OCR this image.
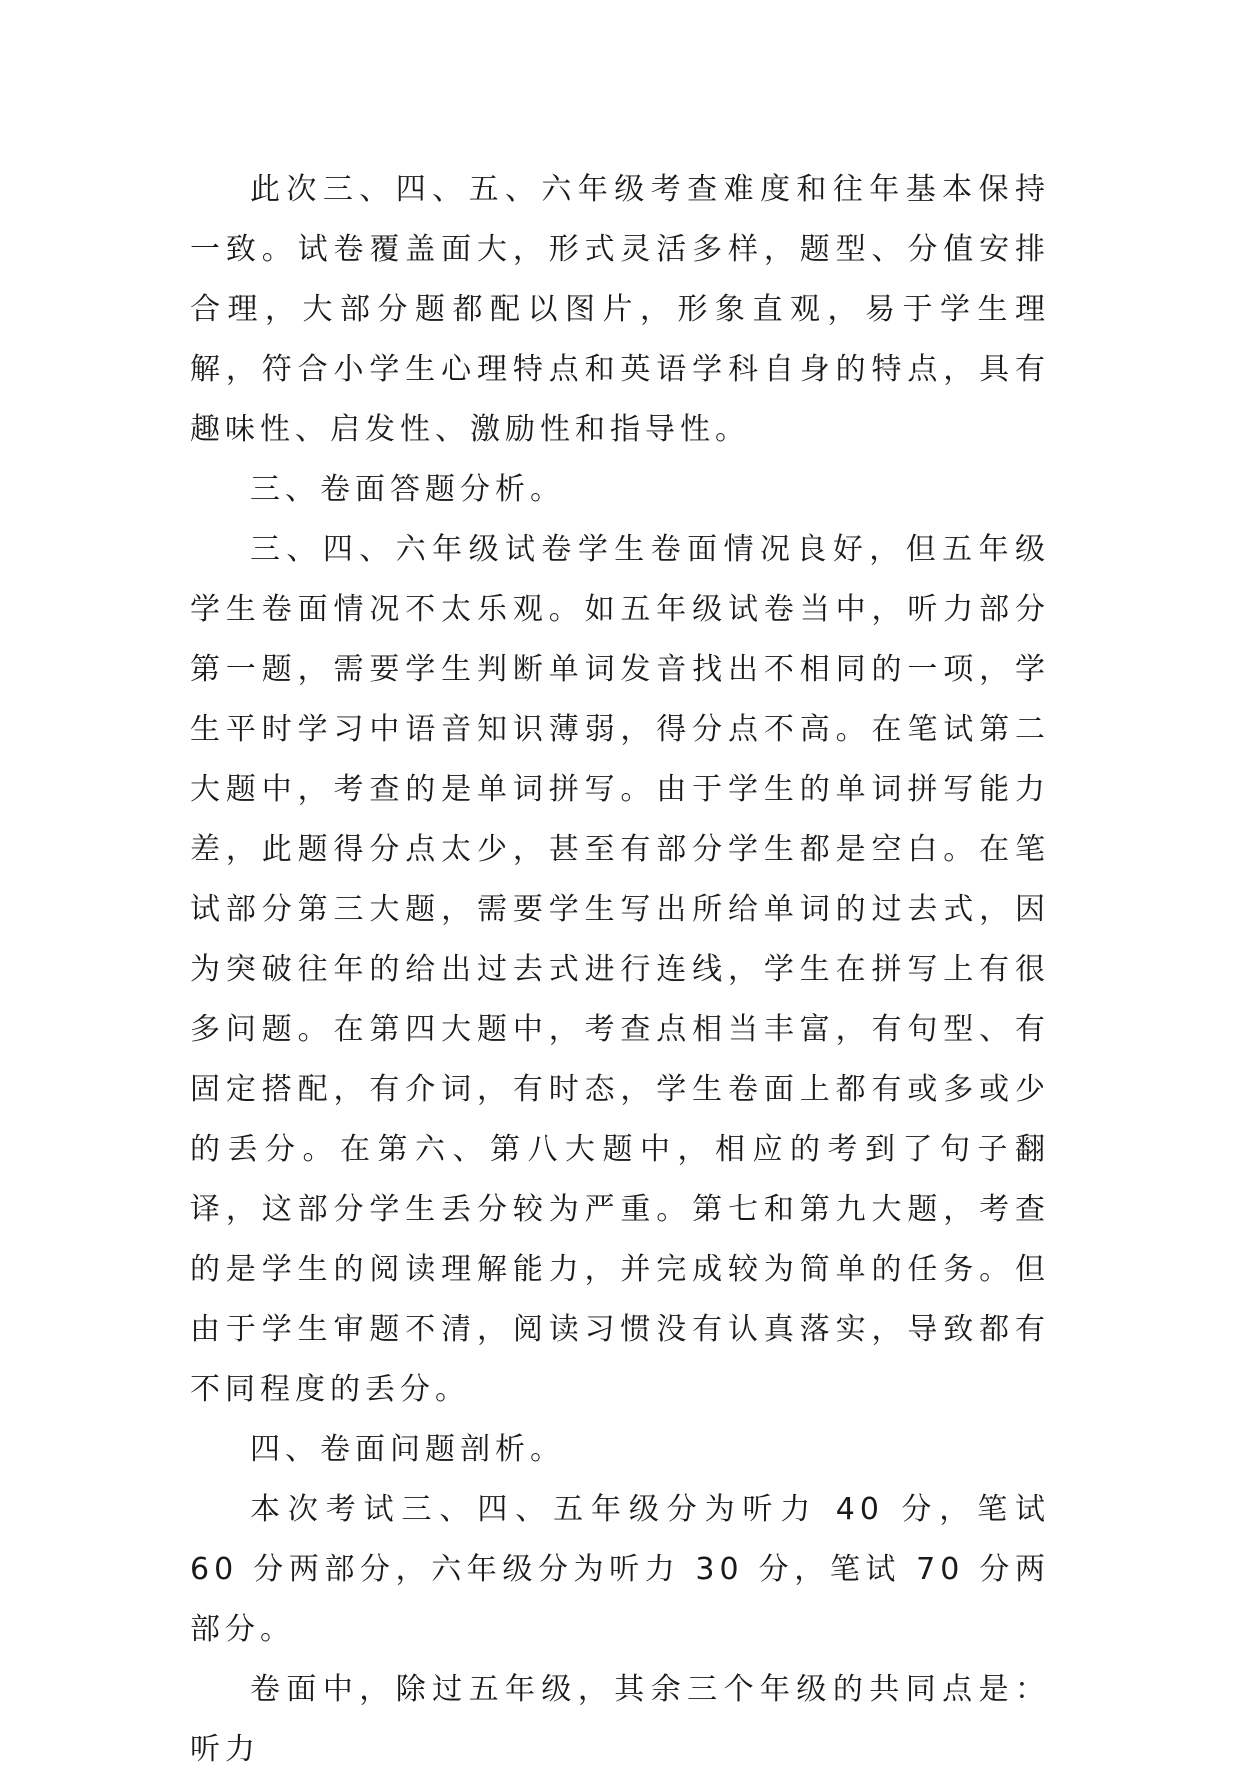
此次三、四、五、六年级考查难度和往年基本保持一致。试卷覆盖面大，形式灵活多样，题型、分值安排合理，大部分题都配以图片，形象直观，易于学生理解，符合小学生心理特点和英语学科自身的特点，具有趣味性、启发性、激励性和指导性。

三、卷面答题分析。

三、四、六年级试卷学生卷面情况良好，但五年级学生卷面情况不太乐观。如五年级试卷当中，听力部分第一题，需要学生判断单词发音找出不相同的一项，学生平时学习中语音知识薄弱，得分点不高。在笔试第二大题中，考查的是单词拼写。由于学生的单词拼写能力差，此题得分点太少，甚至有部分学生都是空白。在笔试部分第三大题，需要学生写出所给单词的过去式，因为突破往年的给出过去式进行连线，学生在拼写上有很多问题。在第四大题中，考查点相当丰富，有句型、有固定搭配，有介词，有时态，学生卷面上都有或多或少的丢分。在第六、第八大题中，相应的考到了句子翻译，这部分学生丢分较为严重。第七和第九大题，考查的是学生的阅读理解能力，并完成较为简单的任务。但由于学生审题不清，阅读习惯没有认真落实，导致都有不同程度的丢分。

四、卷面问题剖析。

本次考试三、四、五年级分为听力 40 分，笔试 60 分两部分，六年级分为听力 30 分，笔试 70 分两部分。

卷面中，除过五年级，其余三个年级的共同点是：听力
